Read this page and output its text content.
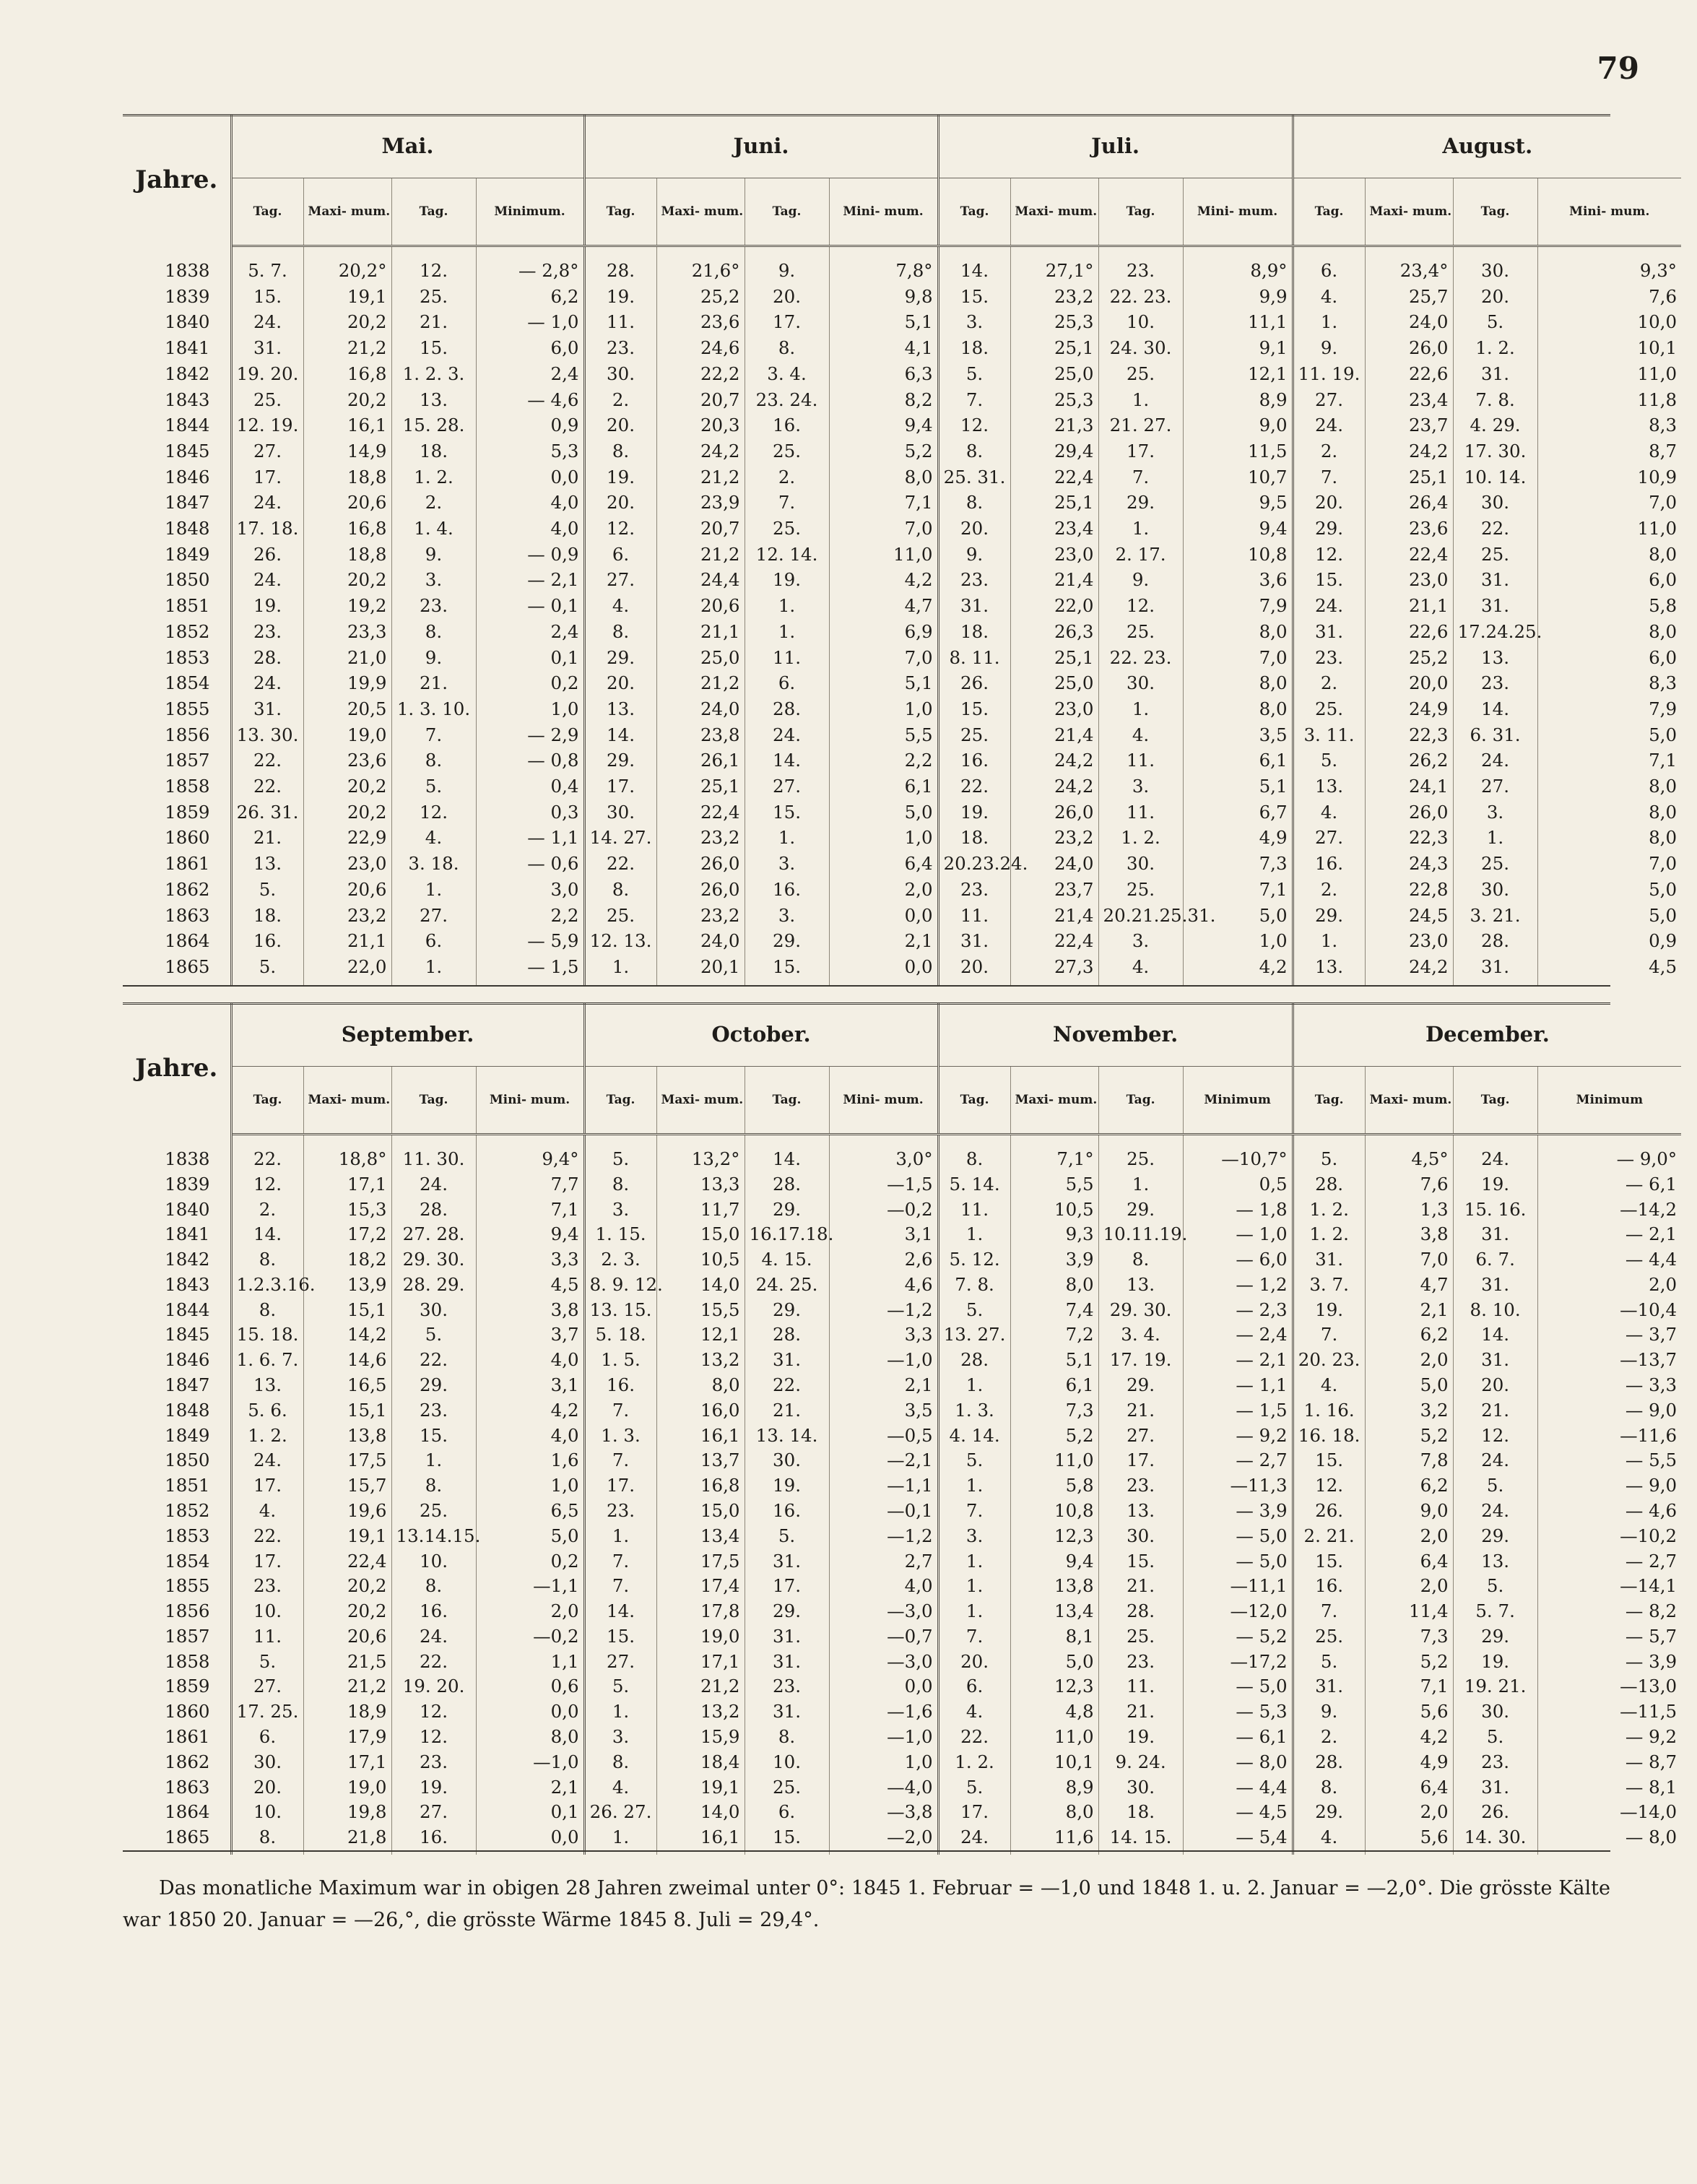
79
Jahre.	Mai.				Juni.				Juli.				August.			
	Tag.	Maxi- mum.	Tag.	Minimum.	Tag.	Maxi- mum.	Tag.	Mini- mum.	Tag.	Maxi- mum.	Tag.	Mini- mum.	Tag.	Maxi- mum.	Tag.	Mini- mum.

1838	5. 7.	20,2°	12.	— 2,8°	28.	21,6°	9.	7,8°	14.	27,1°	23.	8,9°	6.	23,4°	30.	9,3°
1839	15.	19,1	25.	6,2	19.	25,2	20.	9,8	15.	23,2	22. 23.	9,9	4.	25,7	20.	7,6
1840	24.	20,2	21.	— 1,0	11.	23,6	17.	5,1	3.	25,3	10.	11,1	1.	24,0	5.	10,0
1841	31.	21,2	15.	6,0	23.	24,6	8.	4,1	18.	25,1	24. 30.	9,1	9.	26,0	1. 2.	10,1
1842	19. 20.	16,8	1. 2. 3.	2,4	30.	22,2	3. 4.	6,3	5.	25,0	25.	12,1	11. 19.	22,6	31.	11,0
1843	25.	20,2	13.	— 4,6	2.	20,7	23. 24.	8,2	7.	25,3	1.	8,9	27.	23,4	7. 8.	11,8
1844	12. 19.	16,1	15. 28.	0,9	20.	20,3	16.	9,4	12.	21,3	21. 27.	9,0	24.	23,7	4. 29.	8,3
1845	27.	14,9	18.	5,3	8.	24,2	25.	5,2	8.	29,4	17.	11,5	2.	24,2	17. 30.	8,7
1846	17.	18,8	1. 2.	0,0	19.	21,2	2.	8,0	25. 31.	22,4	7.	10,7	7.	25,1	10. 14.	10,9
1847	24.	20,6	2.	4,0	20.	23,9	7.	7,1	8.	25,1	29.	9,5	20.	26,4	30.	7,0
1848	17. 18.	16,8	1. 4.	4,0	12.	20,7	25.	7,0	20.	23,4	1.	9,4	29.	23,6	22.	11,0
1849	26.	18,8	9.	— 0,9	6.	21,2	12. 14.	11,0	9.	23,0	2. 17.	10,8	12.	22,4	25.	8,0
1850	24.	20,2	3.	— 2,1	27.	24,4	19.	4,2	23.	21,4	9.	3,6	15.	23,0	31.	6,0
1851	19.	19,2	23.	— 0,1	4.	20,6	1.	4,7	31.	22,0	12.	7,9	24.	21,1	31.	5,8
1852	23.	23,3	8.	2,4	8.	21,1	1.	6,9	18.	26,3	25.	8,0	31.	22,6	17.24.25.	8,0
1853	28.	21,0	9.	0,1	29.	25,0	11.	7,0	8. 11.	25,1	22. 23.	7,0	23.	25,2	13.	6,0
1854	24.	19,9	21.	0,2	20.	21,2	6.	5,1	26.	25,0	30.	8,0	2.	20,0	23.	8,3
1855	31.	20,5	1. 3. 10.	1,0	13.	24,0	28.	1,0	15.	23,0	1.	8,0	25.	24,9	14.	7,9
1856	13. 30.	19,0	7.	— 2,9	14.	23,8	24.	5,5	25.	21,4	4.	3,5	3. 11.	22,3	6. 31.	5,0
1857	22.	23,6	8.	— 0,8	29.	26,1	14.	2,2	16.	24,2	11.	6,1	5.	26,2	24.	7,1
1858	22.	20,2	5.	0,4	17.	25,1	27.	6,1	22.	24,2	3.	5,1	13.	24,1	27.	8,0
1859	26. 31.	20,2	12.	0,3	30.	22,4	15.	5,0	19.	26,0	11.	6,7	4.	26,0	3.	8,0
1860	21.	22,9	4.	— 1,1	14. 27.	23,2	1.	1,0	18.	23,2	1. 2.	4,9	27.	22,3	1.	8,0
1861	13.	23,0	3. 18.	— 0,6	22.	26,0	3.	6,4	20.23.24.	24,0	30.	7,3	16.	24,3	25.	7,0
1862	5.	20,6	1.	3,0	8.	26,0	16.	2,0	23.	23,7	25.	7,1	2.	22,8	30.	5,0
1863	18.	23,2	27.	2,2	25.	23,2	3.	0,0	11.	21,4	20.21.25.31.	5,0	29.	24,5	3. 21.	5,0
1864	16.	21,1	6.	— 5,9	12. 13.	24,0	29.	2,1	31.	22,4	3.	1,0	1.	23,0	28.	0,9
1865	5.	22,0	1.	— 1,5	1.	20,1	15.	0,0	20.	27,3	4.	4,2	13.	24,2	31.	4,5

Jahre.	September.				October.				November.				December.			
	Tag.	Maxi- mum.	Tag.	Mini- mum.	Tag.	Maxi- mum.	Tag.	Mini- mum.	Tag.	Maxi- mum.	Tag.	Minimum	Tag.	Maxi- mum.	Tag.	Minimum

1838	22.	18,8°	11. 30.	9,4°	5.	13,2°	14.	3,0°	8.	7,1°	25.	—10,7°	5.	4,5°	24.	— 9,0°
1839	12.	17,1	24.	7,7	8.	13,3	28.	—1,5	5. 14.	5,5	1.	0,5	28.	7,6	19.	— 6,1
1840	2.	15,3	28.	7,1	3.	11,7	29.	—0,2	11.	10,5	29.	— 1,8	1. 2.	1,3	15. 16.	—14,2
1841	14.	17,2	27. 28.	9,4	1. 15.	15,0	16.17.18.	3,1	1.	9,3	10.11.19.	— 1,0	1. 2.	3,8	31.	— 2,1
1842	8.	18,2	29. 30.	3,3	2. 3.	10,5	4. 15.	2,6	5. 12.	3,9	8.	— 6,0	31.	7,0	6. 7.	— 4,4
1843	1.2.3.16.	13,9	28. 29.	4,5	8. 9. 12.	14,0	24. 25.	4,6	7. 8.	8,0	13.	— 1,2	3. 7.	4,7	31.	2,0
1844	8.	15,1	30.	3,8	13. 15.	15,5	29.	—1,2	5.	7,4	29. 30.	— 2,3	19.	2,1	8. 10.	—10,4
1845	15. 18.	14,2	5.	3,7	5. 18.	12,1	28.	3,3	13. 27.	7,2	3. 4.	— 2,4	7.	6,2	14.	— 3,7
1846	1. 6. 7.	14,6	22.	4,0	1. 5.	13,2	31.	—1,0	28.	5,1	17. 19.	— 2,1	20. 23.	2,0	31.	—13,7
1847	13.	16,5	29.	3,1	16.	8,0	22.	2,1	1.	6,1	29.	— 1,1	4.	5,0	20.	— 3,3
1848	5. 6.	15,1	23.	4,2	7.	16,0	21.	3,5	1. 3.	7,3	21.	— 1,5	1. 16.	3,2	21.	— 9,0
1849	1. 2.	13,8	15.	4,0	1. 3.	16,1	13. 14.	—0,5	4. 14.	5,2	27.	— 9,2	16. 18.	5,2	12.	—11,6
1850	24.	17,5	1.	1,6	7.	13,7	30.	—2,1	5.	11,0	17.	— 2,7	15.	7,8	24.	— 5,5
1851	17.	15,7	8.	1,0	17.	16,8	19.	—1,1	1.	5,8	23.	—11,3	12.	6,2	5.	— 9,0
1852	4.	19,6	25.	6,5	23.	15,0	16.	—0,1	7.	10,8	13.	— 3,9	26.	9,0	24.	— 4,6
1853	22.	19,1	13.14.15.	5,0	1.	13,4	5.	—1,2	3.	12,3	30.	— 5,0	2. 21.	2,0	29.	—10,2
1854	17.	22,4	10.	0,2	7.	17,5	31.	2,7	1.	9,4	15.	— 5,0	15.	6,4	13.	— 2,7
1855	23.	20,2	8.	—1,1	7.	17,4	17.	4,0	1.	13,8	21.	—11,1	16.	2,0	5.	—14,1
1856	10.	20,2	16.	2,0	14.	17,8	29.	—3,0	1.	13,4	28.	—12,0	7.	11,4	5. 7.	— 8,2
1857	11.	20,6	24.	—0,2	15.	19,0	31.	—0,7	7.	8,1	25.	— 5,2	25.	7,3	29.	— 5,7
1858	5.	21,5	22.	1,1	27.	17,1	31.	—3,0	20.	5,0	23.	—17,2	5.	5,2	19.	— 3,9
1859	27.	21,2	19. 20.	0,6	5.	21,2	23.	0,0	6.	12,3	11.	— 5,0	31.	7,1	19. 21.	—13,0
1860	17. 25.	18,9	12.	0,0	1.	13,2	31.	—1,6	4.	4,8	21.	— 5,3	9.	5,6	30.	—11,5
1861	6.	17,9	12.	8,0	3.	15,9	8.	—1,0	22.	11,0	19.	— 6,1	2.	4,2	5.	— 9,2
1862	30.	17,1	23.	—1,0	8.	18,4	10.	1,0	1. 2.	10,1	9. 24.	— 8,0	28.	4,9	23.	— 8,7
1863	20.	19,0	19.	2,1	4.	19,1	25.	—4,0	5.	8,9	30.	— 4,4	8.	6,4	31.	— 8,1
1864	10.	19,8	27.	0,1	26. 27.	14,0	6.	—3,8	17.	8,0	18.	— 4,5	29.	2,0	26.	—14,0
1865	8.	21,8	16.	0,0	1.	16,1	15.	—2,0	24.	11,6	14. 15.	— 5,4	4.	5,6	14. 30.	— 8,0

Das monatliche Maximum war in obigen 28 Jahren zweimal unter 0°: 1845 1. Februar = —1,0 und 1848 1. u. 2. Januar = —2,0°. Die grösste Kälte war 1850 20. Januar = —26,°, die grösste Wärme 1845 8. Juli = 29,4°.
